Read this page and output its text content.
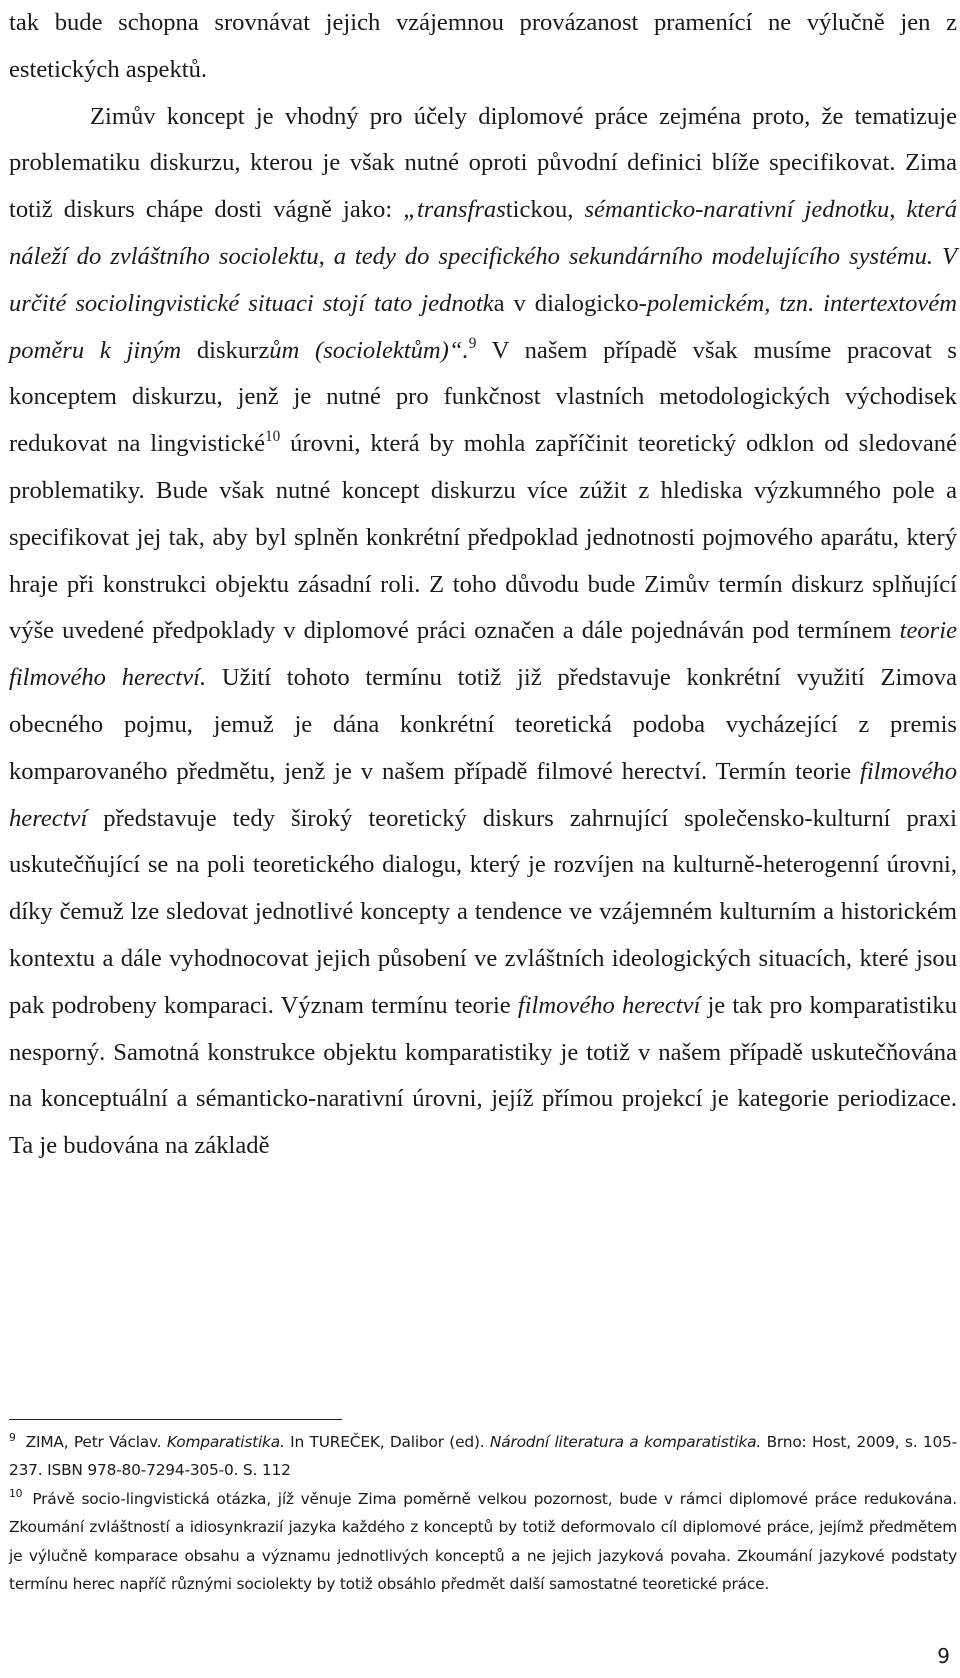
tak bude schopna srovnávat jejich vzájemnou provázanost pramenící ne výlučně jen z estetických aspektů.

Zimův koncept je vhodný pro účely diplomové práce zejména proto, že tematizuje problematiku diskurzu, kterou je však nutné oproti původní definici blíže specifikovat. Zima totiž diskurs chápe dosti vágně jako: „transfrastickou, sémanticko-narativní jednotku, která náleží do zvláštního sociolektu, a tedy do specifického sekundárního modelujícího systému. V určité sociolingvistické situaci stojí tato jednotka v dialogicko-polemickém, tzn. intertextovém poměru k jiným diskurzům (sociolektům)“.$^9$ V našem případě však musíme pracovat s konceptem diskurzu, jenž je nutné pro funkčnost vlastních metodologických východisek redukovat na lingvistické$^{10}$ úrovni, která by mohla zapříčinit teoretický odklon od sledované problematiky. Bude však nutné koncept diskurzu více zúžit z hlediska výzkumného pole a specifikovat jej tak, aby byl splněn konkrétní předpoklad jednotnosti pojmového aparátu, který hraje při konstrukci objektu zásadní roli. Z toho důvodu bude Zimův termín diskurz splňující výše uvedené předpoklady v diplomové práci označen a dále pojednáván pod termínem teorie filmového herectví. Užití tohoto termínu totiž již představuje konkrétní využití Zimova obecného pojmu, jemuž je dána konkrétní teoretická podoba vycházející z premis komparovaného předmětu, jenž je v našem případě filmové herectví. Termín teorie filmového herectví představuje tedy široký teoretický diskurs zahrnující společensko-kulturní praxi uskutečňující se na poli teoretického dialogu, který je rozvíjen na kulturně-heterogenní úrovni, díky čemuž lze sledovat jednotlivé koncepty a tendence ve vzájemném kulturním a historickém kontextu a dále vyhodnocovat jejich působení ve zvláštních ideologických situacích, které jsou pak podrobeny komparaci. Význam termínu teorie filmového herectví je tak pro komparatistiku nesporný. Samotná konstrukce objektu komparatistiky je totiž v našem případě uskutečňována na konceptuální a sémanticko-narativní úrovni, jejíž přímou projekcí je kategorie periodizace. Ta je budována na základě

$^9$ ZIMA, Petr Václav. Komparatistika. In TUREČEK, Dalibor (ed). Národní literatura a komparatistika. Brno: Host, 2009, s. 105-237. ISBN 978-80-7294-305-0. S. 112

$^{10}$ Právě socio-lingvistická otázka, jíž věnuje Zima poměrně velkou pozornost, bude v rámci diplomové práce redukována. Zkoumání zvláštností a idiosynkrazií jazyka každého z konceptů by totiž deformovalo cíl diplomové práce, jejímž předmětem je výlučně komparace obsahu a významu jednotlivých konceptů a ne jejich jazyková povaha. Zkoumání jazykové podstaty termínu herec napříč různými sociolekty by totiž obsáhlo předmět další samostatné teoretické práce.

9
